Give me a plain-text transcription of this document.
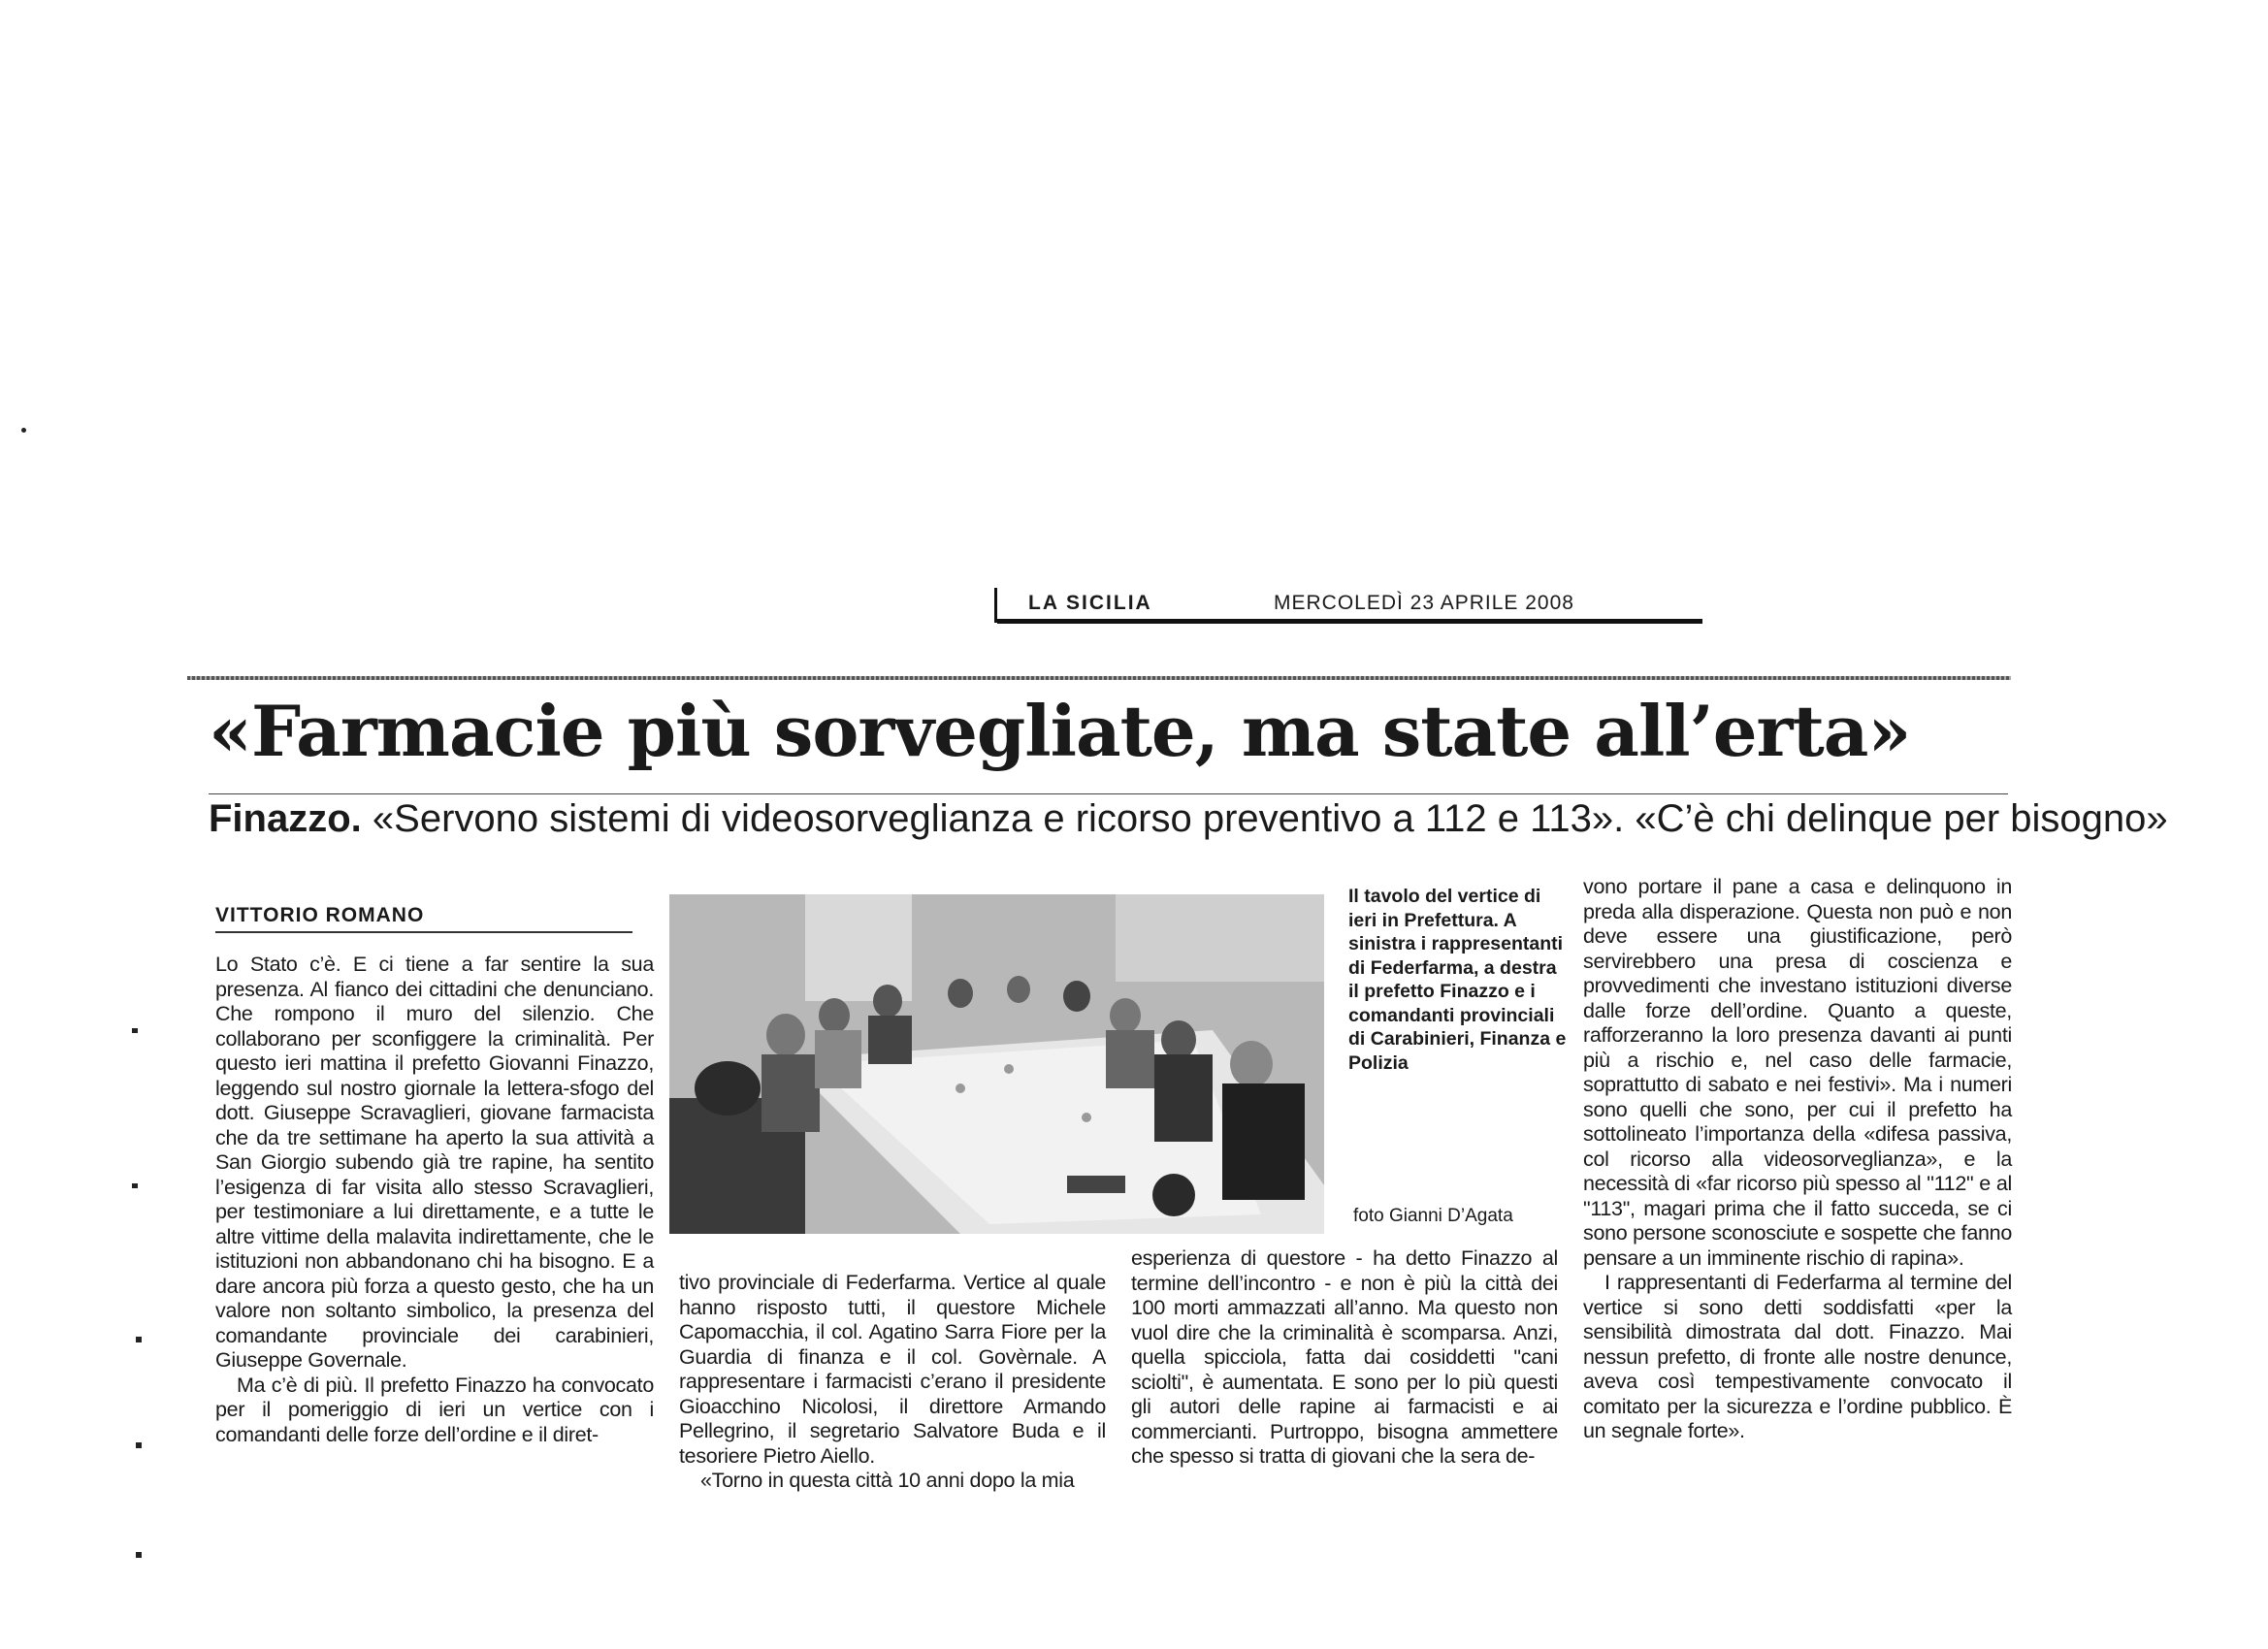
LA SICILIA	MERCOLEDÌ 23 APRILE 2008
«Farmacie più sorvegliate, ma state all’erta»
Finazzo. «Servono sistemi di videosorveglianza e ricorso preventivo a 112 e 113». «C’è chi delinque per bisogno»
VITTORIO ROMANO

Lo Stato c’è. E ci tiene a far sentire la sua presenza. Al fianco dei cittadini che denunciano. Che rompono il muro del silenzio. Che collaborano per sconfiggere la criminalità. Per questo ieri mattina il prefetto Giovanni Finazzo, leggendo sul nostro giornale la lettera-sfogo del dott. Giuseppe Scravaglieri, giovane farmacista che da tre settimane ha aperto la sua attività a San Giorgio subendo già tre rapine, ha sentito l’esigenza di far visita allo stesso Scravaglieri, per testimoniare a lui direttamente, e a tutte le altre vittime della malavita indirettamente, che le istituzioni non abbandonano chi ha bisogno. E a dare ancora più forza a questo gesto, che ha un valore non soltanto simbolico, la presenza del comandante provinciale dei carabinieri, Giuseppe Governale.

Ma c’è di più. Il prefetto Finazzo ha convocato per il pomeriggio di ieri un vertice con i comandanti delle forze dell’ordine e il diret-

Il tavolo del vertice di ieri in Prefettura. A sinistra i rappresentanti di Federfarma, a destra il prefetto Finazzo e i comandanti provinciali di Carabinieri, Finanza e Polizia
foto Gianni D’Agata

tivo provinciale di Federfarma. Vertice al quale hanno risposto tutti, il questore Michele Capomacchia, il col. Agatino Sarra Fiore per la Guardia di finanza e il col. Govèrnale. A rappresentare i farmacisti c’erano il presidente Gioacchino Nicolosi, il direttore Armando Pellegrino, il segretario Salvatore Buda e il tesoriere Pietro Aiello.

«Torno in questa città 10 anni dopo la mia

esperienza di questore - ha detto Finazzo al termine dell’incontro - e non è più la città dei 100 morti ammazzati all’anno. Ma questo non vuol dire che la criminalità è scomparsa. Anzi, quella spicciola, fatta dai cosiddetti "cani sciolti", è aumentata. E sono per lo più questi gli autori delle rapine ai farmacisti e ai commercianti. Purtroppo, bisogna ammettere che spesso si tratta di giovani che la sera de-

vono portare il pane a casa e delinquono in preda alla disperazione. Questa non può e non deve essere una giustificazione, però servirebbero una presa di coscienza e provvedimenti che investano istituzioni diverse dalle forze dell’ordine. Quanto a queste, rafforzeranno la loro presenza davanti ai punti più a rischio e, nel caso delle farmacie, soprattutto di sabato e nei festivi». Ma i numeri sono quelli che sono, per cui il prefetto ha sottolineato l’importanza della «difesa passiva, col ricorso alla videosorveglianza», e la necessità di «far ricorso più spesso al "112" e al "113", magari prima che il fatto succeda, se ci sono persone sconosciute e sospette che fanno pensare a un imminente rischio di rapina».

I rappresentanti di Federfarma al termine del vertice si sono detti soddisfatti «per la sensibilità dimostrata dal dott. Finazzo. Mai nessun prefetto, di fronte alle nostre denunce, aveva così tempestivamente convocato il comitato per la sicurezza e l’ordine pubblico. È un segnale forte».
